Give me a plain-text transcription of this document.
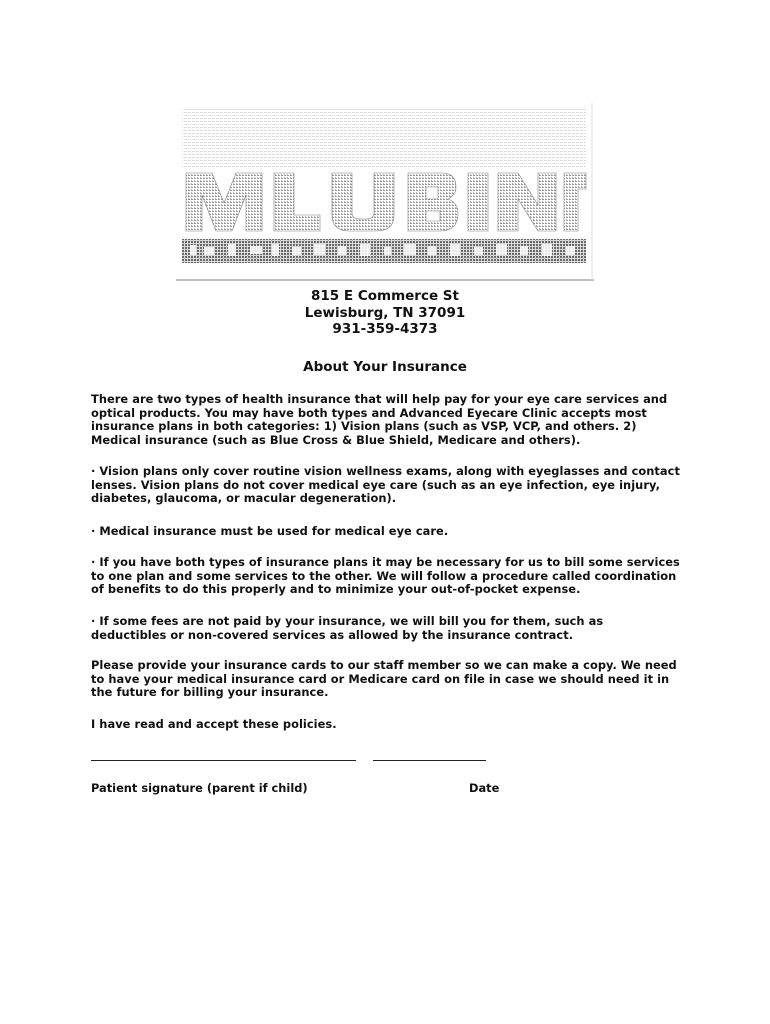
815 E Commerce St
Lewisburg, TN 37091
931-359-4373
About Your Insurance
There are two types of health insurance that will help pay for your eye care services and optical products. You may have both types and Advanced Eyecare Clinic accepts most insurance plans in both categories: 1) Vision plans (such as VSP, VCP, and others. 2) Medical insurance (such as Blue Cross & Blue Shield, Medicare and others).
· Vision plans only cover routine vision wellness exams, along with eyeglasses and contact lenses. Vision plans do not cover medical eye care (such as an eye infection, eye injury, diabetes, glaucoma, or macular degeneration).
· Medical insurance must be used for medical eye care.
· If you have both types of insurance plans it may be necessary for us to bill some services to one plan and some services to the other. We will follow a procedure called coordination of benefits to do this properly and to minimize your out-of-pocket expense.
· If some fees are not paid by your insurance, we will bill you for them, such as deductibles or non-covered services as allowed by the insurance contract.
Please provide your insurance cards to our staff member so we can make a copy. We need to have your medical insurance card or Medicare card on file in case we should need it in the future for billing your insurance.
I have read and accept these policies.
Patient signature (parent if child)	Date
